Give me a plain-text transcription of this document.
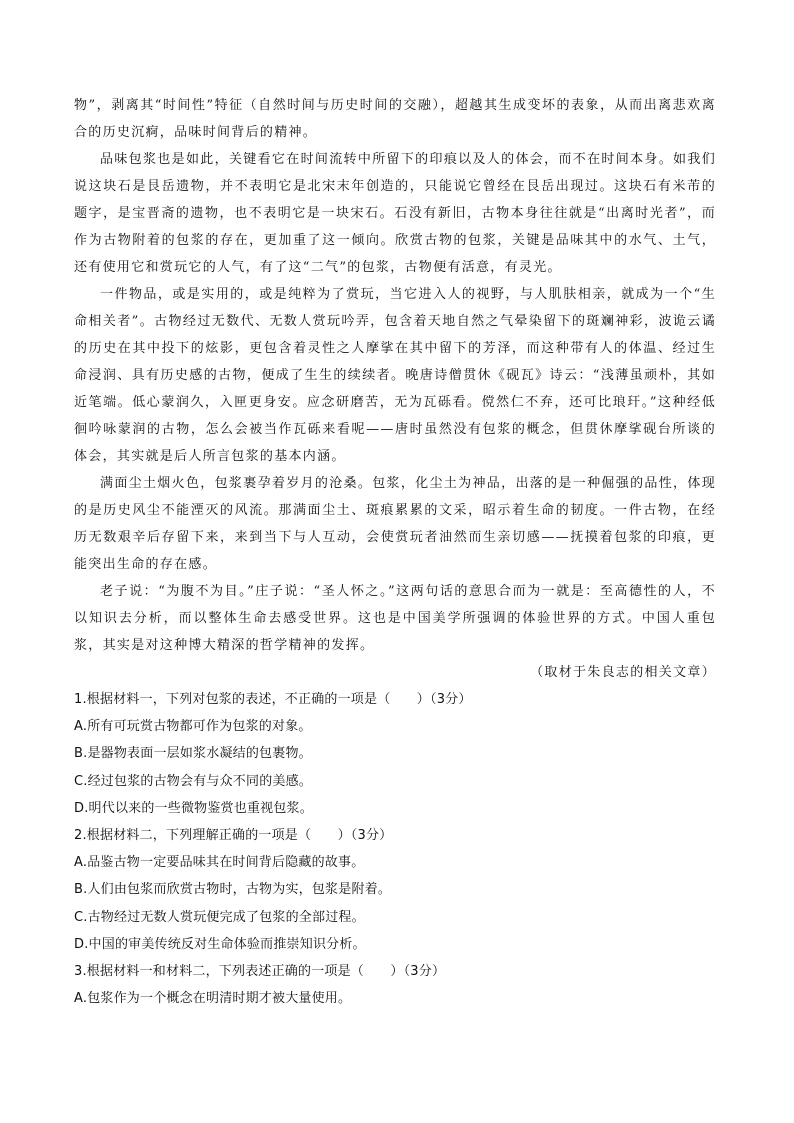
物”，剥离其“时间性”特征（自然时间与历史时间的交融），超越其生成变坏的表象，从而出离悲欢离合的历史沉痾，品味时间背后的精神。

品味包浆也是如此，关键看它在时间流转中所留下的印痕以及人的体会，而不在时间本身。如我们说这块石是艮岳遗物，并不表明它是北宋末年创造的，只能说它曾经在艮岳出现过。这块石有米芾的题字，是宝晋斋的遗物，也不表明它是一块宋石。石没有新旧，古物本身往往就是“出离时光者”，而作为古物附着的包浆的存在，更加重了这一倾向。欣赏古物的包浆，关键是品味其中的水气、土气，还有使用它和赏玩它的人气，有了这“二气”的包浆，古物便有活意，有灵光。

一件物品，或是实用的，或是纯粹为了赏玩，当它进入人的视野，与人肌肤相亲，就成为一个“生命相关者”。古物经过无数代、无数人赏玩吟弄，包含着天地自然之气晕染留下的斑斓神彩，波诡云谲的历史在其中投下的炫影，更包含着灵性之人摩挲在其中留下的芳泽，而这种带有人的体温、经过生命浸润、具有历史感的古物，便成了生生的续续者。晚唐诗僧贯休《砚瓦》诗云：“浅薄虽顽朴，其如近笔端。低心蒙润久，入匣更身安。应念研磨苦，无为瓦砾看。傥然仁不弃，还可比琅玕。”这种经低徊吟咏蒙润的古物，怎么会被当作瓦砾来看呢——唐时虽然没有包浆的概念，但贯休摩挲砚台所谈的体会，其实就是后人所言包浆的基本内涵。

满面尘土烟火色，包浆裹孕着岁月的沧桑。包浆，化尘土为神品，出落的是一种倔强的品性，体现的是历史风尘不能湮灭的风流。那满面尘土、斑痕累累的文采，昭示着生命的韧度。一件古物，在经历无数艰辛后存留下来，来到当下与人互动，会使赏玩者油然而生亲切感——抚摸着包浆的印痕，更能突出生命的存在感。

老子说：“为腹不为目。”庄子说：“圣人怀之。”这两句话的意思合而为一就是：至高德性的人，不以知识去分析，而以整体生命去感受世界。这也是中国美学所强调的体验世界的方式。中国人重包浆，其实是对这种博大精深的哲学精神的发挥。
（取材于朱良志的相关文章）

1.根据材料一，下列对包浆的表述，不正确的一项是（　　）（3分）

A.所有可玩赏古物都可作为包浆的对象。

B.是器物表面一层如浆水凝结的包裹物。

C.经过包浆的古物会有与众不同的美感。

D.明代以来的一些微物鉴赏也重视包浆。

2.根据材料二，下列理解正确的一项是（　　）（3分）

A.品鉴古物一定要品味其在时间背后隐藏的故事。

B.人们由包浆而欣赏古物时，古物为实，包浆是附着。

C.古物经过无数人赏玩便完成了包浆的全部过程。

D.中国的审美传统反对生命体验而推崇知识分析。

3.根据材料一和材料二，下列表述正确的一项是（　　）（3分）

A.包浆作为一个概念在明清时期才被大量使用。
